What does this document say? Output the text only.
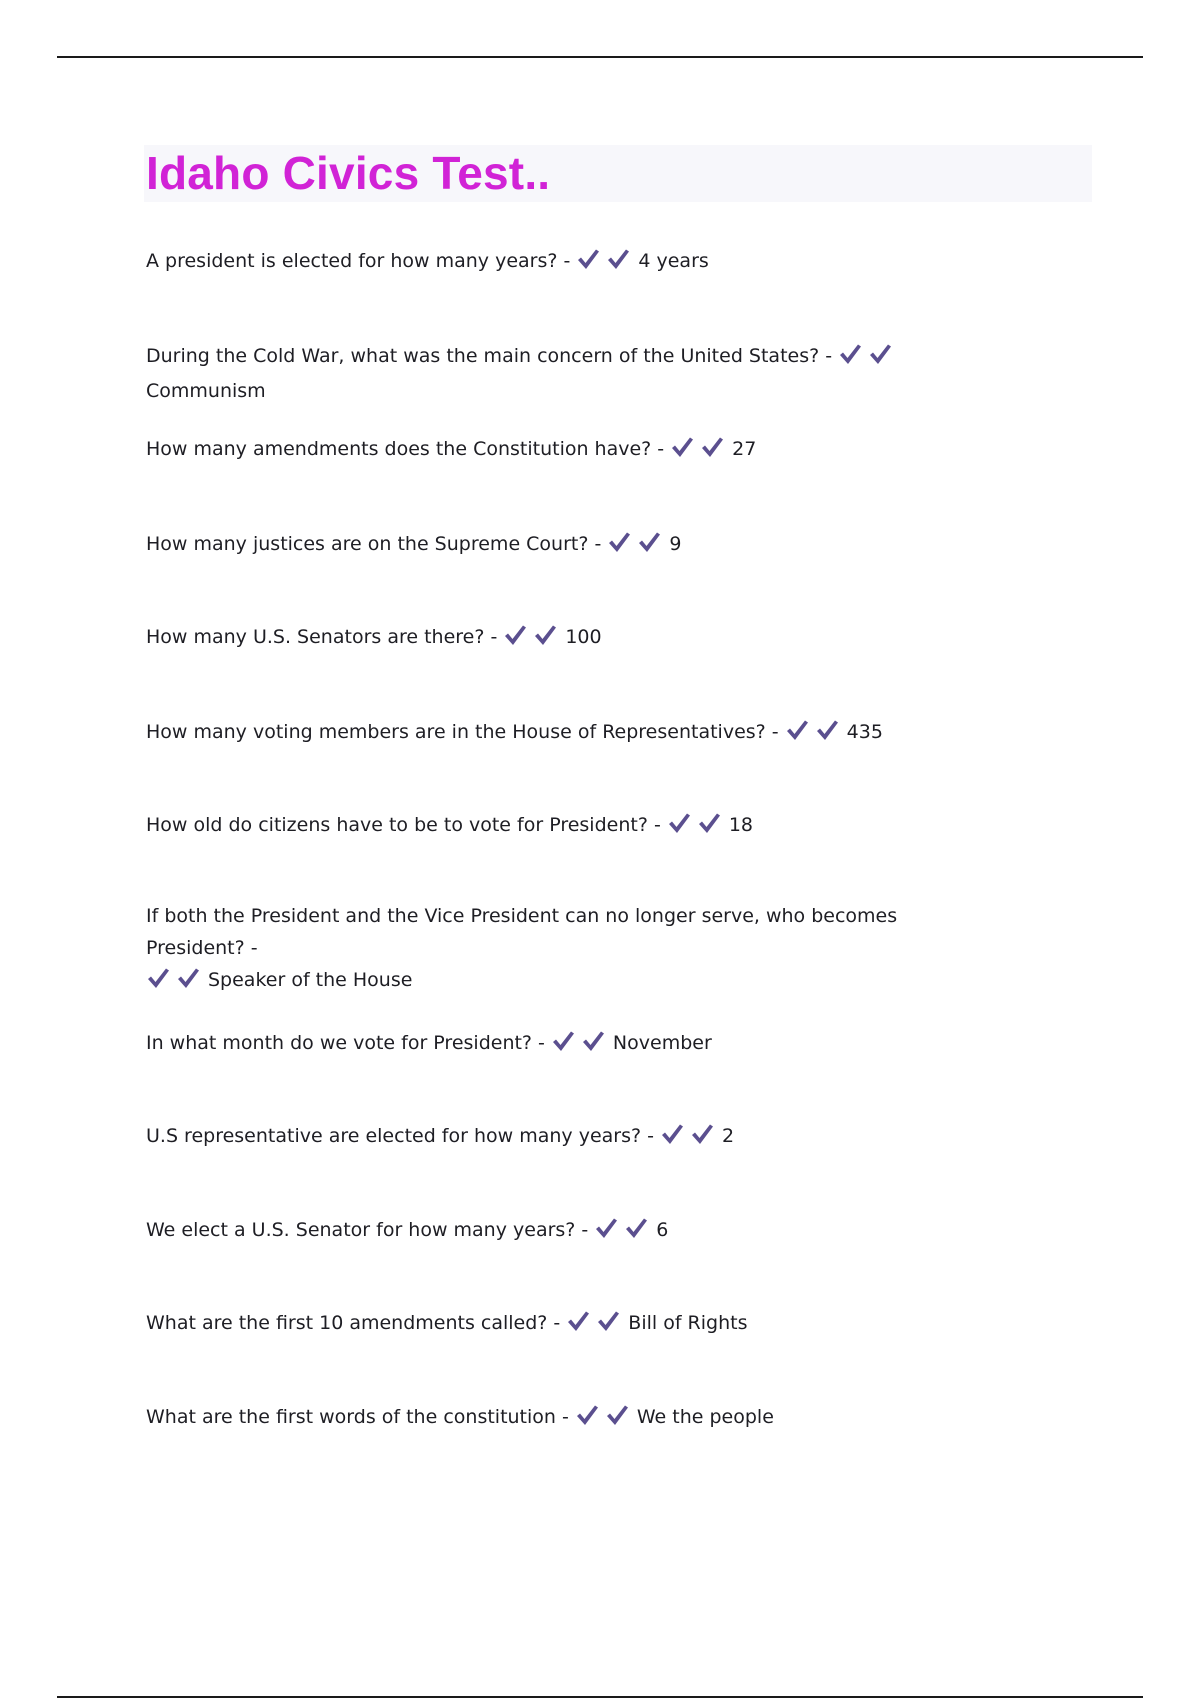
Idaho Civics Test..

A president is elected for how many years? -	4 years

During the Cold War, what was the main concern of the United States? -
Communism

How many amendments does the Constitution have? -	27

How many justices are on the Supreme Court? -	9

How many U.S. Senators are there? -	100

How many voting members are in the House of Representatives? -	435

How old do citizens have to be to vote for President? -	18

If both the President and the Vice President can no longer serve, who becomes President? -

Speaker of the House

In what month do we vote for President? -	November

U.S representative are elected for how many years? -	2

We elect a U.S. Senator for how many years? -	6

What are the first 10 amendments called? -	Bill of Rights

What are the first words of the constitution -	We the people
